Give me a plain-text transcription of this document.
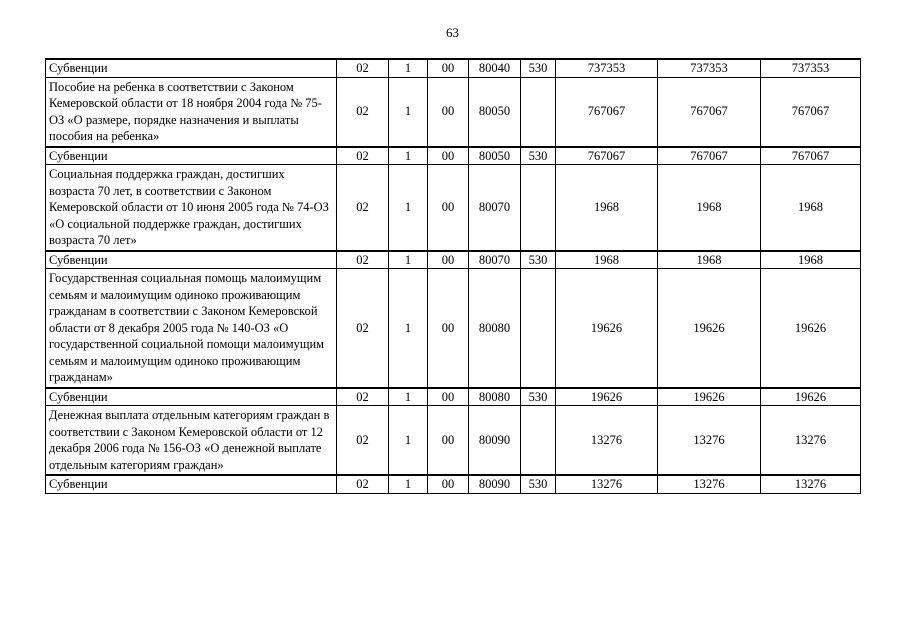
63
Субвенции	02	1	00	80040	530	737353	737353	737353
Пособие на ребенка в соответствии с Законом Кемеровской области от 18 ноября 2004 года № 75-ОЗ «О размере, порядке назначения и выплаты пособия на ребенка»	02	1	00	80050		767067	767067	767067
Субвенции	02	1	00	80050	530	767067	767067	767067
Социальная поддержка граждан, достигших возраста 70 лет, в соответствии с Законом Кемеровской области от 10 июня 2005 года № 74-ОЗ «О социальной поддержке граждан, достигших возраста 70 лет»	02	1	00	80070		1968	1968	1968
Субвенции	02	1	00	80070	530	1968	1968	1968
Государственная социальная помощь малоимущим семьям и малоимущим одиноко проживающим гражданам в соответствии с Законом Кемеровской области от 8 декабря 2005 года № 140-ОЗ «О государственной социальной помощи малоимущим семьям и малоимущим одиноко проживающим гражданам»	02	1	00	80080		19626	19626	19626
Субвенции	02	1	00	80080	530	19626	19626	19626
Денежная выплата отдельным категориям граждан в соответствии с Законом Кемеровской области от 12 декабря 2006 года № 156-ОЗ «О денежной выплате отдельным категориям граждан»	02	1	00	80090		13276	13276	13276
Субвенции	02	1	00	80090	530	13276	13276	13276
